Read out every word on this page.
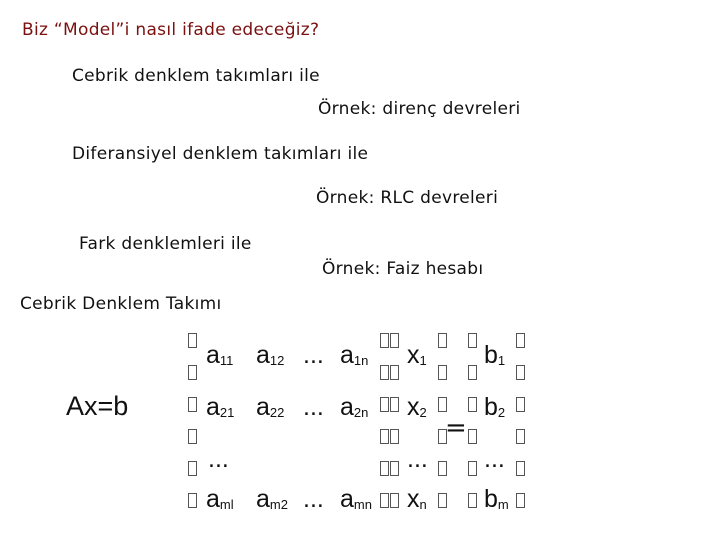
Biz “Model”i nasıl ifade edeceğiz?
Cebrik denklem takımları ile
Örnek: direnç devreleri
Diferansiyel denklem takımları ile
Örnek: RLC devreleri
Fark denklemleri ile
Örnek: Faiz hesabı
Cebrik Denklem Takımı
Ax=b
$a_{11}$ $a_{12}$ ... $a_{1n}$
$a_{21}$ $a_{22}$ ... $a_{2n}$
...
$a_{ml}$ $a_{m2}$ ... $a_{mn}$
$x_1$
$x_2$
...
$x_n$
=
$b_1$
$b_2$
...
$b_m$
